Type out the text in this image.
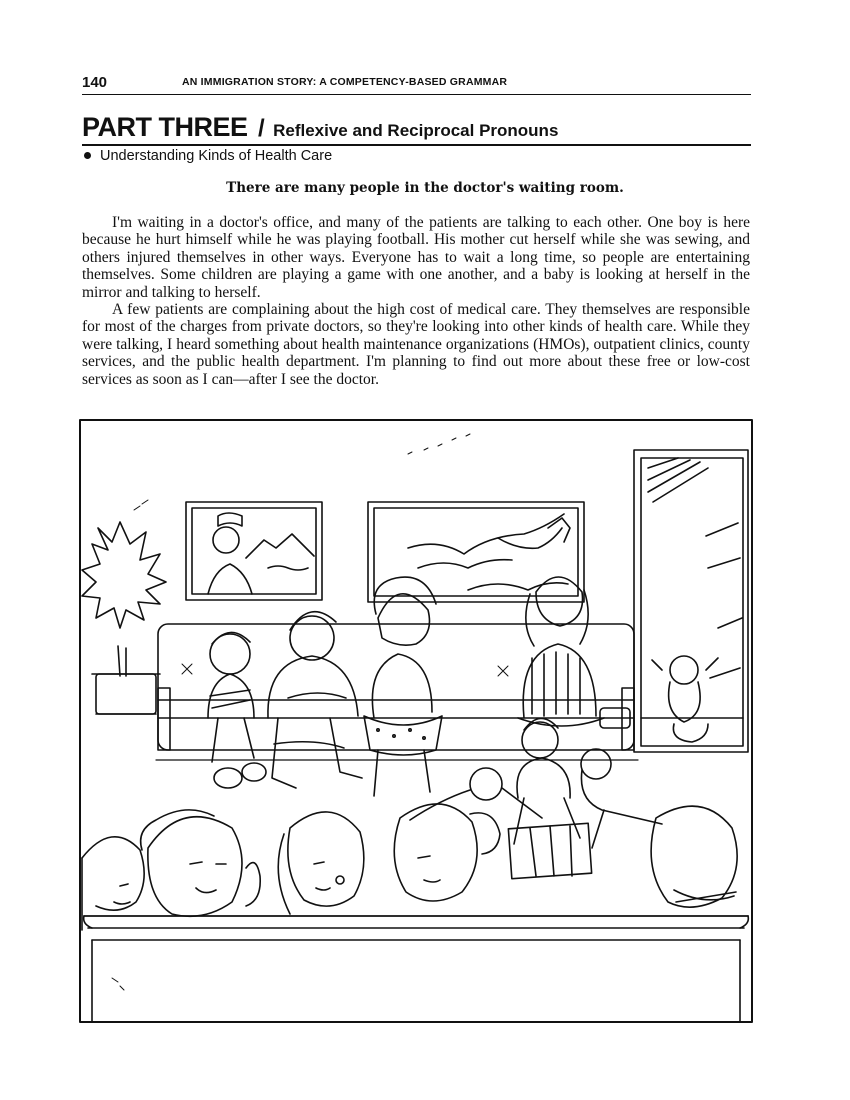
140	AN IMMIGRATION STORY: A COMPETENCY-BASED GRAMMAR
PART THREE / Reflexive and Reciprocal Pronouns
Understanding Kinds of Health Care
There are many people in the doctor's waiting room.

I'm waiting in a doctor's office, and many of the patients are talking to each other. One boy is here because he hurt himself while he was playing football. His mother cut herself while she was sewing, and others injured themselves in other ways. Everyone has to wait a long time, so people are entertaining themselves. Some children are playing a game with one another, and a baby is looking at herself in the mirror and talking to herself.

A few patients are complaining about the high cost of medical care. They themselves are responsible for most of the charges from private doctors, so they're looking into other kinds of health care. While they were talking, I heard something about health maintenance organizations (HMOs), outpatient clinics, county services, and the public health department. I'm planning to find out more about these free or low-cost services as soon as I can—after I see the doctor.
